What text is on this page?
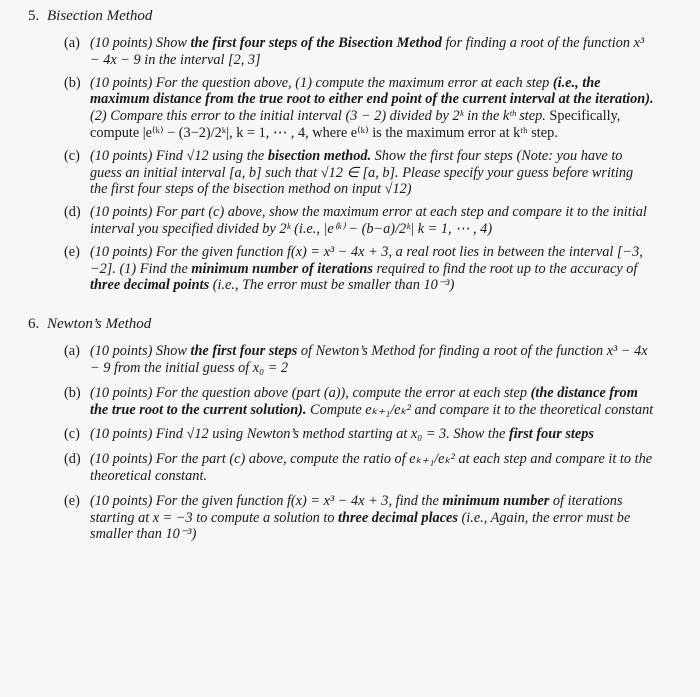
5. Bisection Method
(a) (10 points) Show the first four steps of the Bisection Method for finding a root of the function x³ − 4x − 9 in the interval [2, 3]
(b) (10 points) For the question above, (1) compute the maximum error at each step (i.e., the maximum distance from the true root to either end point of the current interval at the iteration). (2) Compare this error to the initial interval (3 − 2) divided by 2ᵏ in the kᵗʰ step. Specifically, compute |e⁽ᵏ⁾ − (3−2)/2ᵏ|, k = 1, ⋯ , 4, where e⁽ᵏ⁾ is the maximum error at kᵗʰ step.
(c) (10 points) Find √12 using the bisection method. Show the first four steps (Note: you have to guess an initial interval [a, b] such that √12 ∈ [a, b]. Please specify your guess before writing the first four steps of the bisection method on input √12)
(d) (10 points) For part (c) above, show the maximum error at each step and compare it to the initial interval you specified divided by 2ᵏ (i.e., |e⁽ᵏ⁾ − (b−a)/2ᵏ| k = 1, ⋯ , 4)
(e) (10 points) For the given function f(x) = x³ − 4x + 3, a real root lies in between the interval [−3, −2]. (1) Find the minimum number of iterations required to find the root up to the accuracy of three decimal points (i.e., The error must be smaller than 10⁻³)
6. Newton’s Method
(a) (10 points) Show the first four steps of Newton’s Method for finding a root of the function x³ − 4x − 9 from the initial guess of x₀ = 2
(b) (10 points) For the question above (part (a)), compute the error at each step (the distance from the true root to the current solution). Compute eₖ₊₁/eₖ² and compare it to the theoretical constant
(c) (10 points) Find √12 using Newton’s method starting at x₀ = 3. Show the first four steps
(d) (10 points) For the part (c) above, compute the ratio of eₖ₊₁/eₖ² at each step and compare it to the theoretical constant.
(e) (10 points) For the given function f(x) = x³ − 4x + 3, find the minimum number of iterations starting at x = −3 to compute a solution to three decimal places (i.e., Again, the error must be smaller than 10⁻³)
